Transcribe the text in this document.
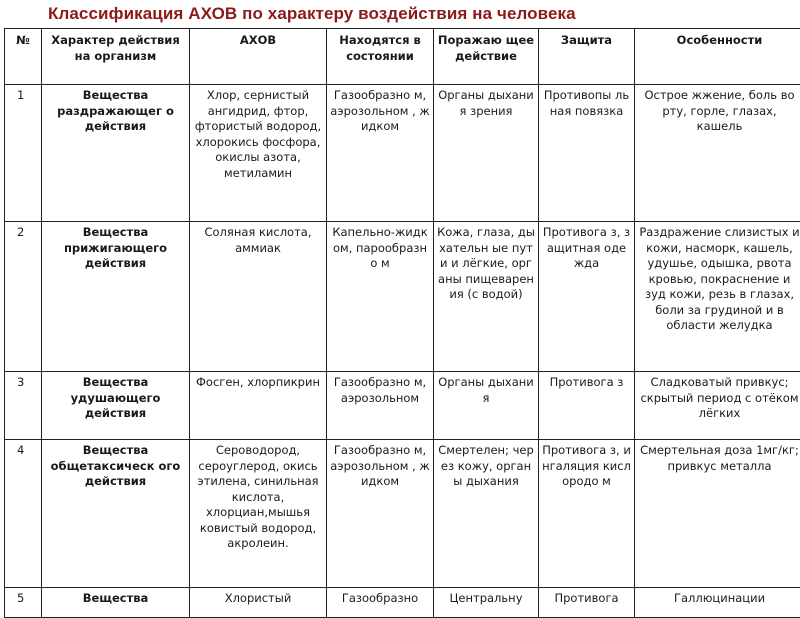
Классификация АХОВ по характеру воздействия на человека
№	Характер действия на организм	АХОВ	Находятся в состоянии	Поражаю щее действие	Защита	Особенности
1	Вещества раздражающег о действия	Хлор, сернистый ангидрид, фтор, фтористый водород, хлорокись фосфора, окислы азота, метиламин	Газообразно м, аэрозольном , жидком	Органы дыхания зрения	Противопы льная повязка	Острое жжение, боль во рту, горле, глазах, кашель
2	Вещества прижигающего действия	Соляная кислота, аммиак	Капельно-жидком, парообразно м	Кожа, глаза, дыхательн ые пути и лёгкие, органы пищеварен ия (с водой)	Противога з, защитная одежда	Раздражение слизистых и кожи, насморк, кашель, удушье, одышка, рвота кровью, покраснение и зуд кожи, резь в глазах, боли за грудиной и в области желудка
3	Вещества удушающего действия	Фосген, хлорпикрин	Газообразно м, аэрозольном	Органы дыхания	Противога з	Сладковатый привкус; скрытый период с отёком лёгких
4	Вещества общетаксическ ого действия	Сероводород, сероуглерод, окись этилена, синильная кислота, хлорциан,мышья ковистый водород, акролеин.	Газообразно м, аэрозольном , жидком	Смертелен; через кожу, органы дыхания	Противога з, ингаляция кислородо м	Смертельная доза 1мг/кг; привкус металла
5	Вещества	Хлористый	Газообразно	Центральну	Противога	Галлюцинации
